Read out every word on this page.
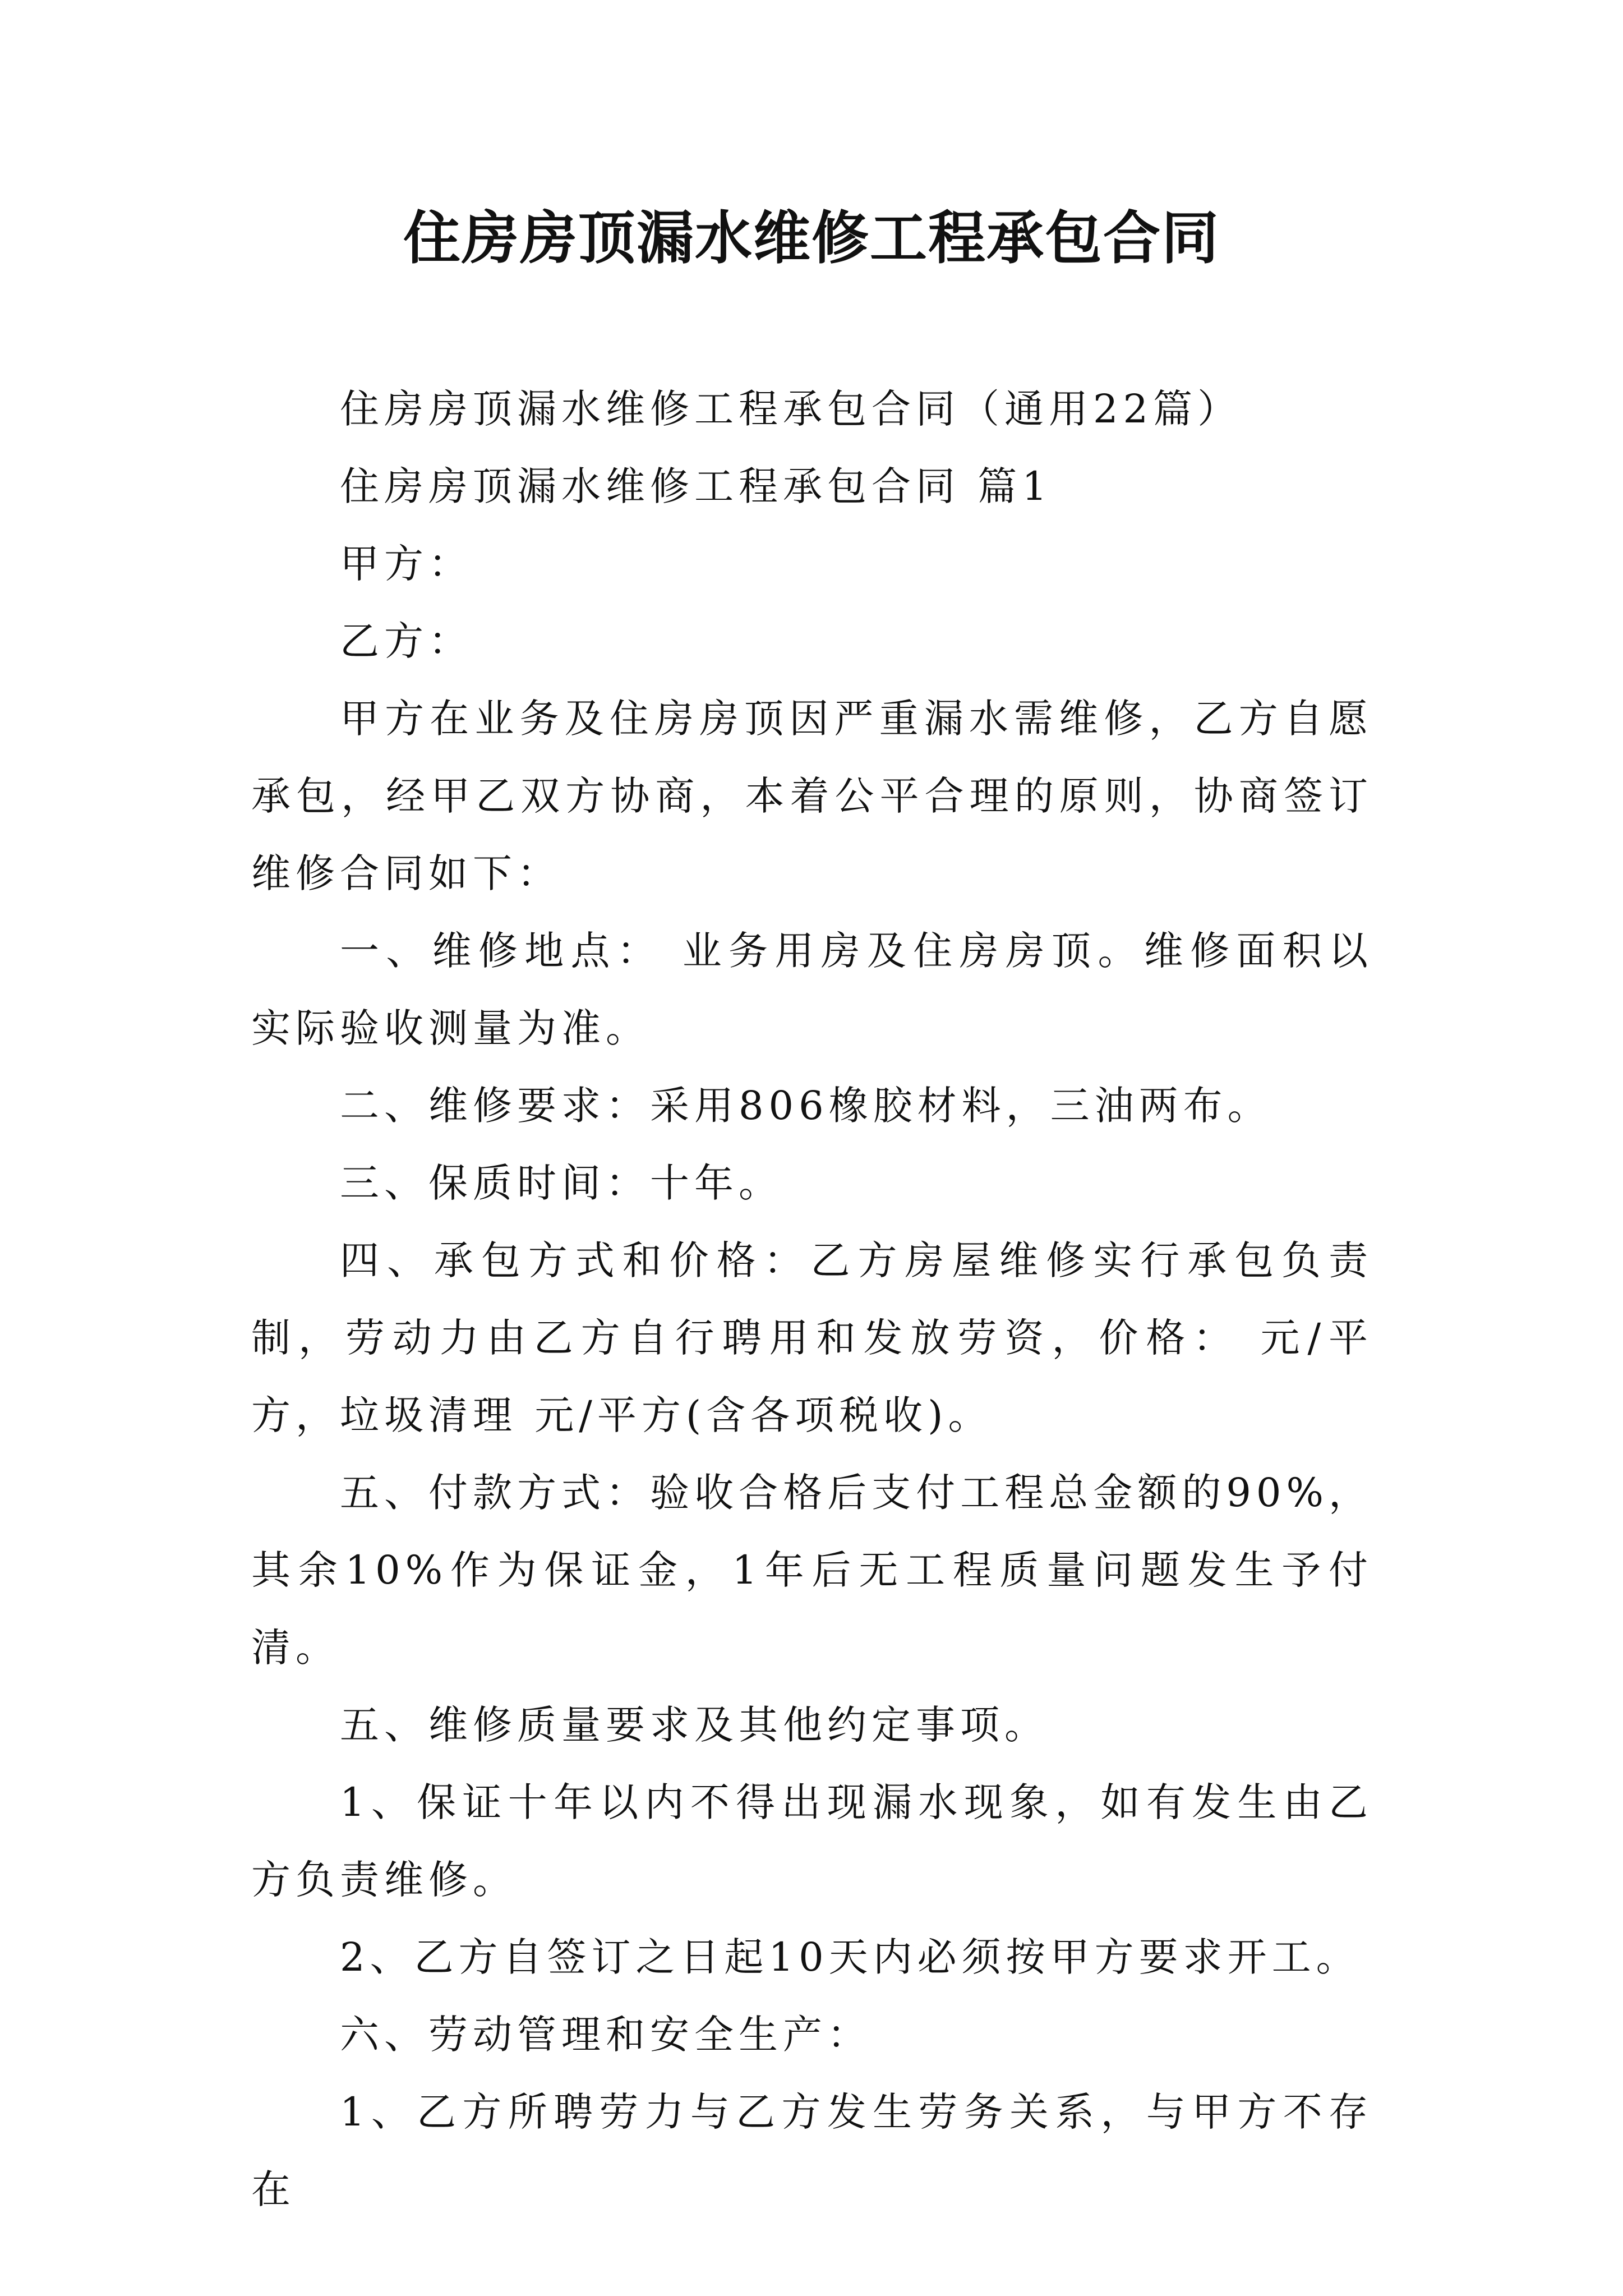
住房房顶漏水维修工程承包合同

住房房顶漏水维修工程承包合同（通用22篇）

住房房顶漏水维修工程承包合同 篇1

甲方：

乙方：

甲方在业务及住房房顶因严重漏水需维修，乙方自愿承包，经甲乙双方协商，本着公平合理的原则，协商签订维修合同如下：

一、维修地点： 业务用房及住房房顶。维修面积以实际验收测量为准。

二、维修要求：采用806橡胶材料，三油两布。

三、保质时间：十年。

四、承包方式和价格：乙方房屋维修实行承包负责制，劳动力由乙方自行聘用和发放劳资，价格： 元/平方，垃圾清理 元/平方(含各项税收)。

五、付款方式：验收合格后支付工程总金额的90%，其余10%作为保证金，1年后无工程质量问题发生予付清。

五、维修质量要求及其他约定事项。

1、保证十年以内不得出现漏水现象，如有发生由乙方负责维修。

2、乙方自签订之日起10天内必须按甲方要求开工。

六、劳动管理和安全生产：

1、乙方所聘劳力与乙方发生劳务关系，与甲方不存在
